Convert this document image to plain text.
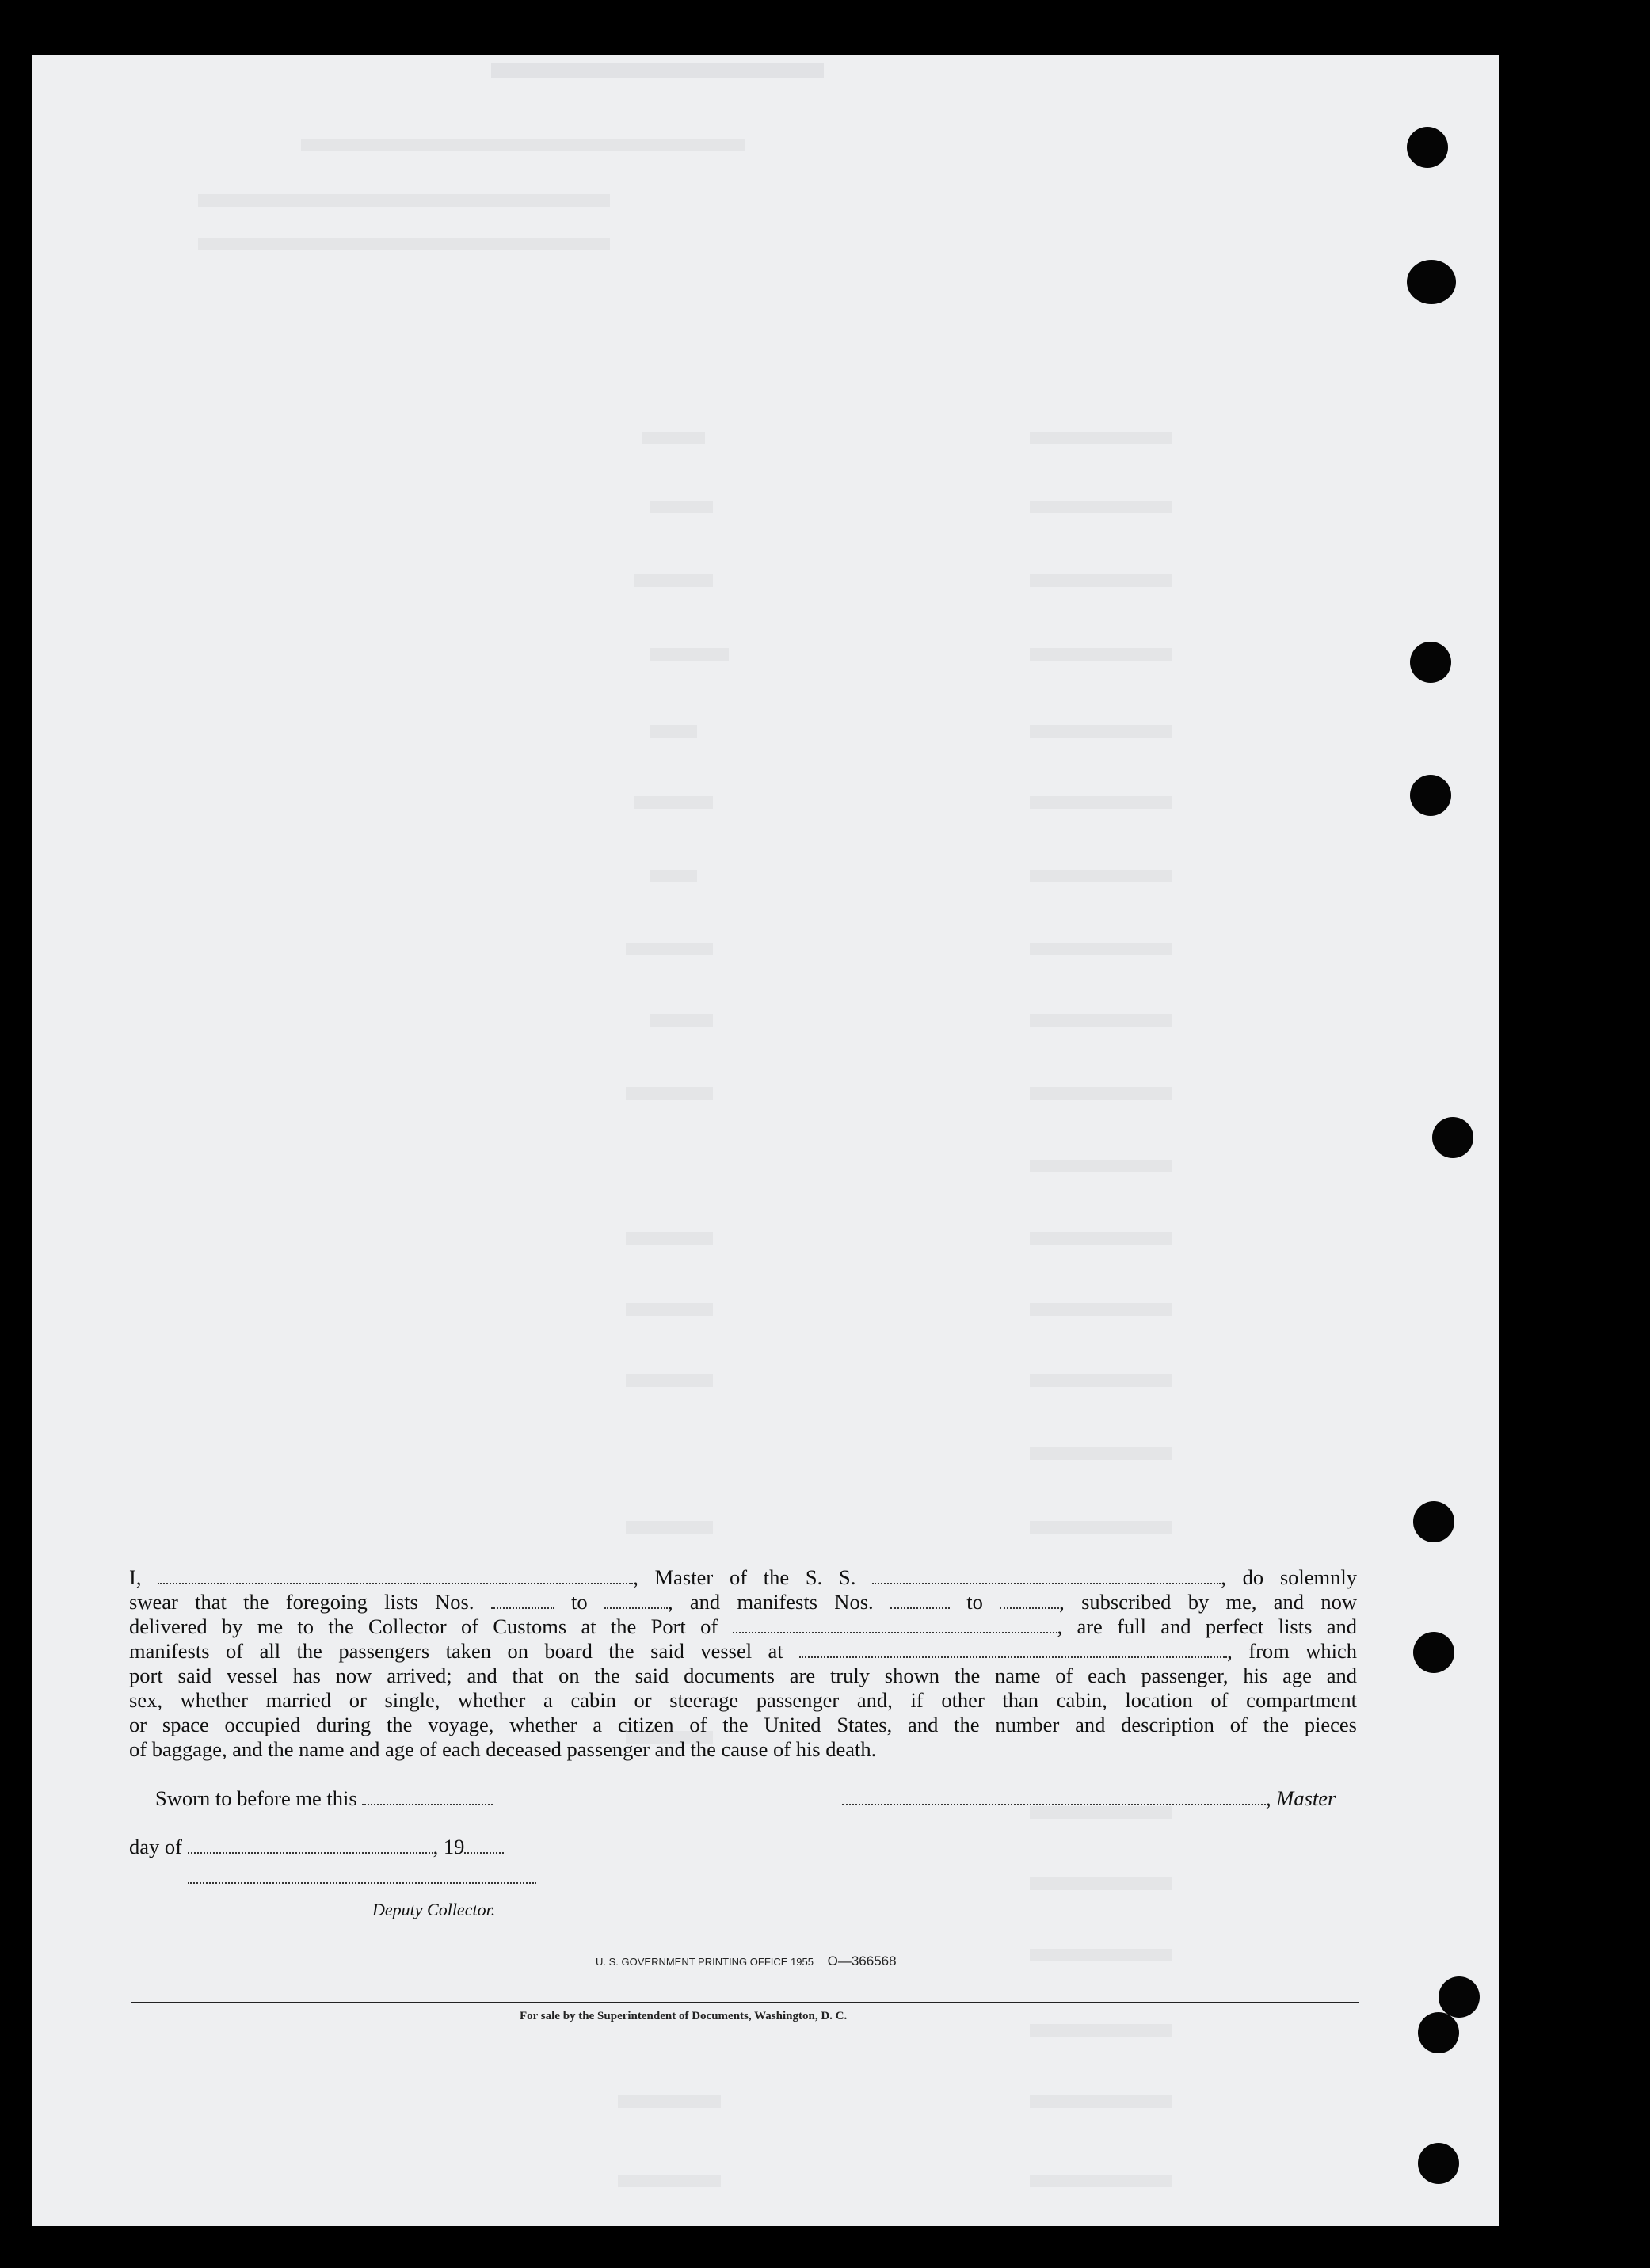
I,	, Master of the S. S.	, do solemnly

swear that the foregoing lists Nos.	to	, and manifests Nos.	to	, subscribed by me, and now

delivered by me to the Collector of Customs at the Port of	, are full and perfect lists and

manifests of all the passengers taken on board the said vessel at	, from which

port said vessel has now arrived; and that on the said documents are truly shown the name of each passenger, his age and

sex, whether married or single, whether a cabin or steerage passenger and, if other than cabin, location of compartment

or space occupied during the voyage, whether a citizen of the United States, and the number and description of the pieces

of baggage, and the name and age of each deceased passenger and the cause of his death.

Sworn to before me this	, Master
day of	, 19
Deputy Collector.
U. S. GOVERNMENT PRINTING OFFICE 1955 O—366568
For sale by the Superintendent of Documents, Washington, D. C.
